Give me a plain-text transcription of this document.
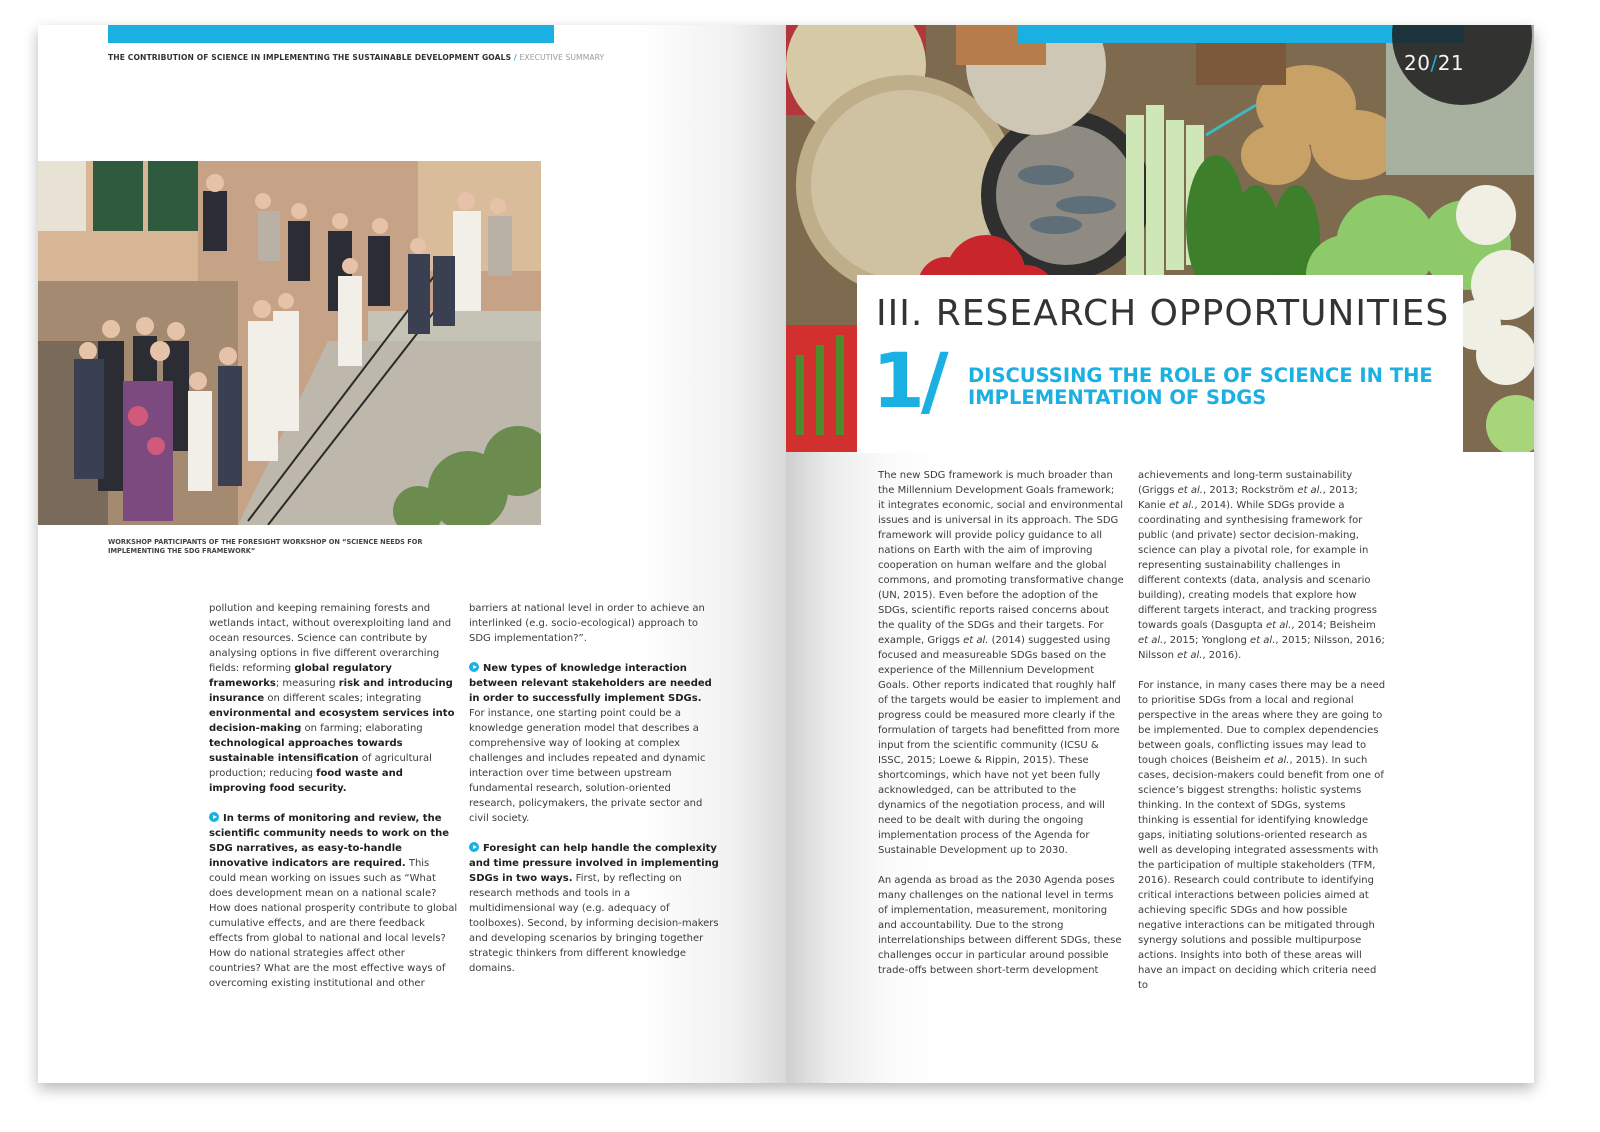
THE CONTRIBUTION OF SCIENCE IN IMPLEMENTING THE SUSTAINABLE DEVELOPMENT GOALS / EXECUTIVE SUMMARY
WORKSHOP PARTICIPANTS OF THE FORESIGHT WORKSHOP ON “SCIENCE NEEDS FOR IMPLEMENTING THE SDG FRAMEWORK”

pollution and keeping remaining forests and wetlands intact, without overexploiting land and ocean resources. Science can contribute by analysing options in five different overarching fields: reforming global regulatory frameworks; measuring risk and introducing insurance on different scales; integrating environmental and ecosystem services into decision-making on farming; elaborating technological approaches towards sustainable intensification of agricultural production; reducing food waste and improving food security.

In terms of monitoring and review, the scientific community needs to work on the SDG narratives, as easy-to-handle innovative indicators are required. This could mean working on issues such as “What does development mean on a national scale? How does national prosperity contribute to global cumulative effects, and are there feedback effects from global to national and local levels? How do national strategies affect other countries? What are the most effective ways of overcoming existing institutional and other

barriers at national level in order to achieve an interlinked (e.g. socio-ecological) approach to SDG implementation?”.

New types of knowledge interaction between relevant stakeholders are needed in order to successfully implement SDGs. For instance, one starting point could be a knowledge generation model that describes a comprehensive way of looking at complex challenges and includes repeated and dynamic interaction over time between upstream fundamental research, solution-oriented research, policymakers, the private sector and civil society.

Foresight can help handle the complexity and time pressure involved in implementing SDGs in two ways. First, by reflecting on research methods and tools in a multidimensional way (e.g. adequacy of toolboxes). Second, by informing decision-makers and developing scenarios by bringing together strategic thinkers from different knowledge domains.

20/21
III. RESEARCH OPPORTUNITIES
1/ DISCUSSING THE ROLE OF SCIENCE IN THE IMPLEMENTATION OF SDGS

The new SDG framework is much broader than the Millennium Development Goals framework; it integrates economic, social and environmental issues and is universal in its approach. The SDG framework will provide policy guidance to all nations on Earth with the aim of improving cooperation on human welfare and the global commons, and promoting transformative change (UN, 2015). Even before the adoption of the SDGs, scientific reports raised concerns about the quality of the SDGs and their targets. For example, Griggs et al. (2014) suggested using focused and measureable SDGs based on the experience of the Millennium Development Goals. Other reports indicated that roughly half of the targets would be easier to implement and progress could be measured more clearly if the formulation of targets had benefitted from more input from the scientific community (ICSU & ISSC, 2015; Loewe & Rippin, 2015). These shortcomings, which have not yet been fully acknowledged, can be attributed to the dynamics of the negotiation process, and will need to be dealt with during the ongoing implementation process of the Agenda for Sustainable Development up to 2030.

An agenda as broad as the 2030 Agenda poses many challenges on the national level in terms of implementation, measurement, monitoring and accountability. Due to the strong interrelationships between different SDGs, these challenges occur in particular around possible trade-offs between short-term development

achievements and long-term sustainability (Griggs et al., 2013; Rockström et al., 2013; Kanie et al., 2014). While SDGs provide a coordinating and synthesising framework for public (and private) sector decision-making, science can play a pivotal role, for example in representing sustainability challenges in different contexts (data, analysis and scenario building), creating models that explore how different targets interact, and tracking progress towards goals (Dasgupta et al., 2014; Beisheim et al., 2015; Yonglong et al., 2015; Nilsson, 2016; Nilsson et al., 2016).

For instance, in many cases there may be a need to prioritise SDGs from a local and regional perspective in the areas where they are going to be implemented. Due to complex dependencies between goals, conflicting issues may lead to tough choices (Beisheim et al., 2015). In such cases, decision-makers could benefit from one of science’s biggest strengths: holistic systems thinking. In the context of SDGs, systems thinking is essential for identifying knowledge gaps, initiating solutions-oriented research as well as developing integrated assessments with the participation of multiple stakeholders (TFM, 2016). Research could contribute to identifying critical interactions between policies aimed at achieving specific SDGs and how possible negative interactions can be mitigated through synergy solutions and possible multipurpose actions. Insights into both of these areas will have an impact on deciding which criteria need to
